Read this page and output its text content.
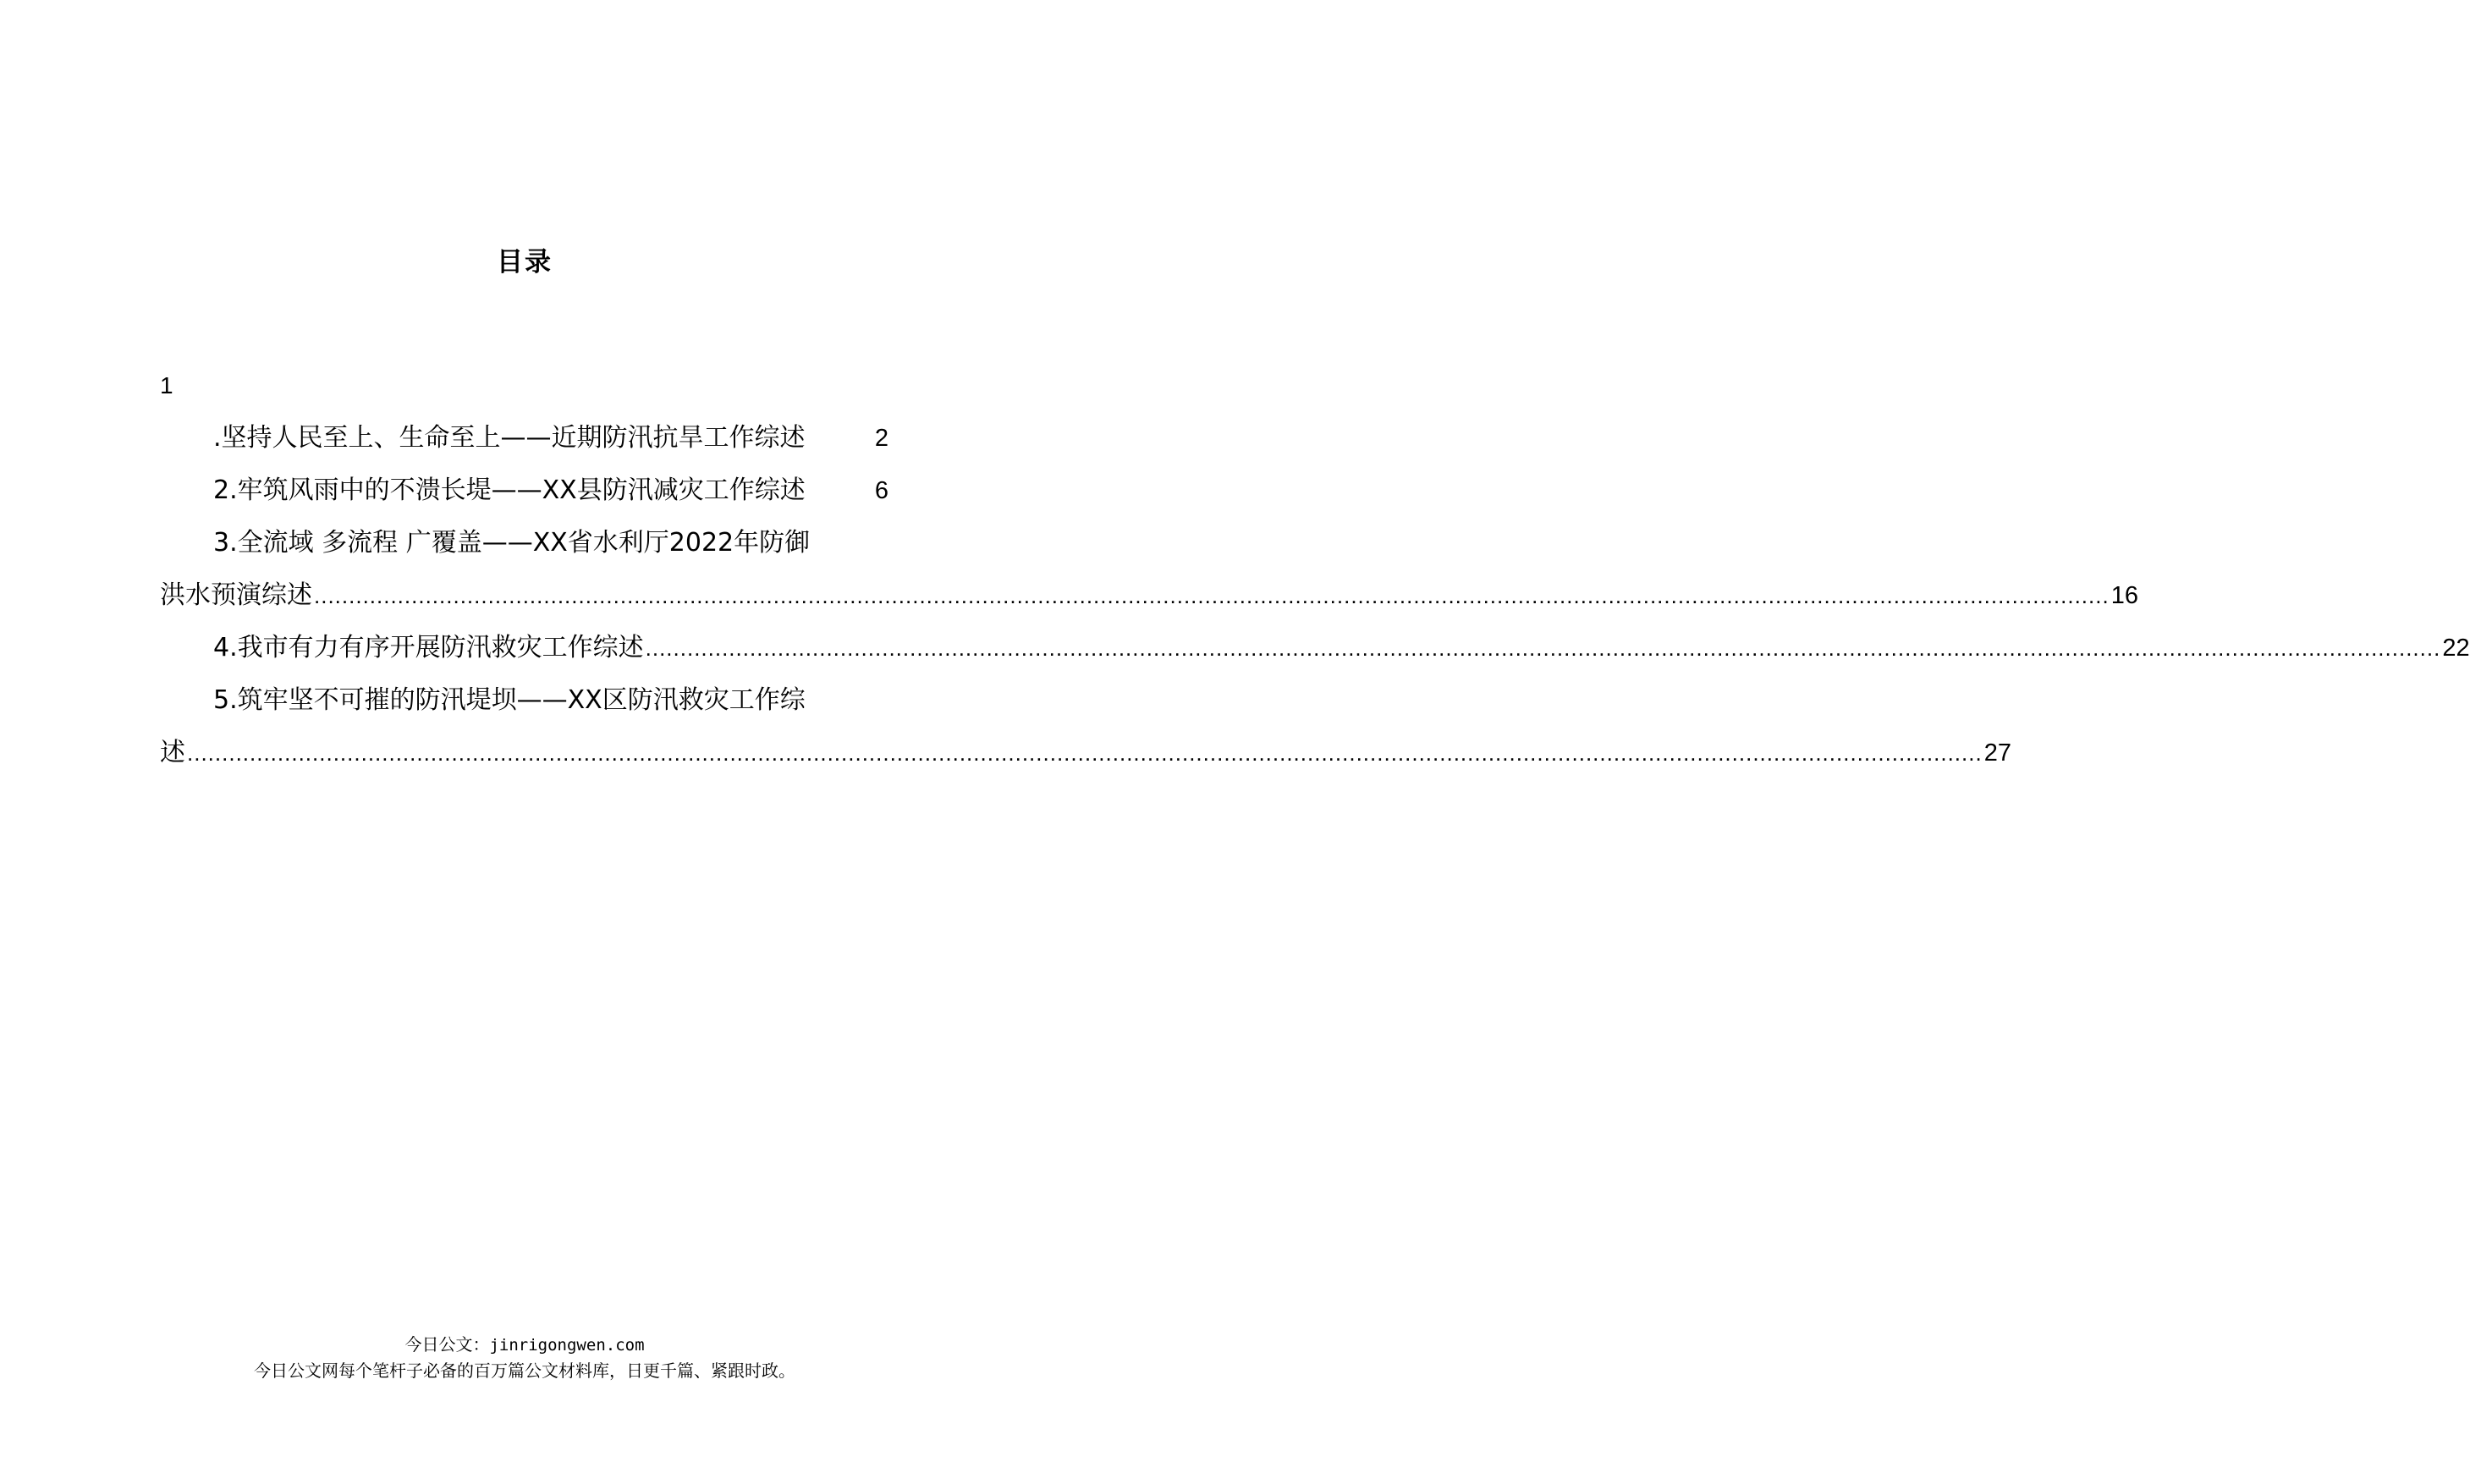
目录
1
.坚持人民至上、生命至上——近期防汛抗旱工作综述	2
2.牢筑风雨中的不溃长堤——XX县防汛减灾工作综述	6
3.全流域 多流程 广覆盖——XX省水利厅2022年防御
洪水预演综述 .....	16
4.我市有力有序开展防汛救灾工作综述 .....	22
5.筑牢坚不可摧的防汛堤坝——XX区防汛救灾工作综
述 .....	27
今日公文：jinrigongwen.com
今日公文网每个笔杆子必备的百万篇公文材料库，日更千篇、紧跟时政。
